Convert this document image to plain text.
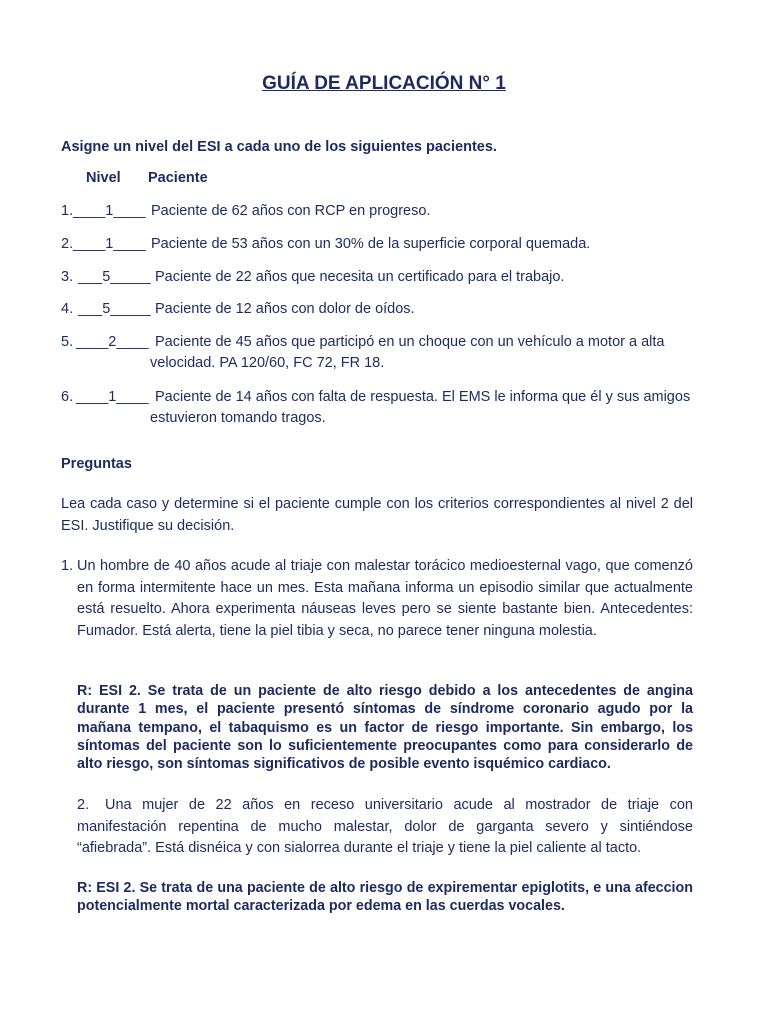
GUÍA DE APLICACIÓN N° 1
Asigne un nivel del ESI a cada uno de los siguientes pacientes.
Nivel Paciente
1. ____1____ Paciente de 62 años con RCP en progreso.
2. ____1____ Paciente de 53 años con un 30% de la superficie corporal quemada.
3. ___5_____ Paciente de 22 años que necesita un certificado para el trabajo.
4. ___5_____ Paciente de 12 años con dolor de oídos.
5. ____2____ Paciente de 45 años que participó en un choque con un vehículo a motor a alta
velocidad. PA 120/60, FC 72, FR 18.
6. ____1____ Paciente de 14 años con falta de respuesta. El EMS le informa que él y sus amigos
estuvieron tomando tragos.
Preguntas
Lea cada caso y determine si el paciente cumple con los criterios correspondientes al nivel 2 del ESI. Justifique su decisión.
1. Un hombre de 40 años acude al triaje con malestar torácico medioesternal vago, que comenzó en forma intermitente hace un mes. Esta mañana informa un episodio similar que actualmente está resuelto. Ahora experimenta náuseas leves pero se siente bastante bien. Antecedentes: Fumador. Está alerta, tiene la piel tibia y seca, no parece tener ninguna molestia.
R: ESI 2. Se trata de un paciente de alto riesgo debido a los antecedentes de angina durante 1 mes, el paciente presentó síntomas de síndrome coronario agudo por la mañana tempano, el tabaquismo es un factor de riesgo importante. Sin embargo, los síntomas del paciente son lo suficientemente preocupantes como para considerarlo de alto riesgo, son síntomas significativos de posible evento isquémico cardiaco.
2.	Una mujer de 22 años en receso universitario acude al mostrador de triaje con manifestación repentina de mucho malestar, dolor de garganta severo y sintiéndose “afiebrada”. Está disnéica y con sialorrea durante el triaje y tiene la piel caliente al tacto.
R: ESI 2. Se trata de una paciente de alto riesgo de expirementar epiglotits, e una afeccion potencialmente mortal caracterizada por edema en las cuerdas vocales.
